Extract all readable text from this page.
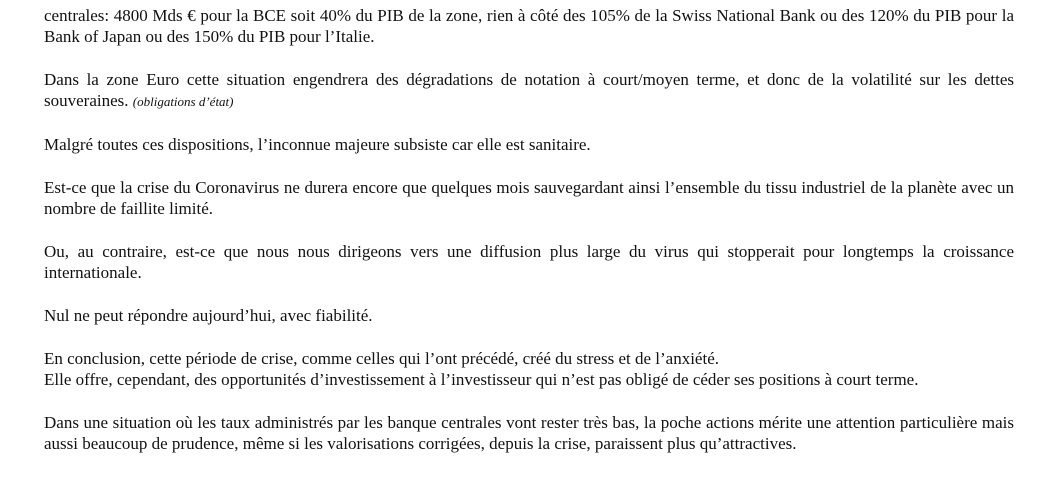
centrales: 4800 Mds € pour la BCE soit 40% du PIB de la zone, rien à côté des 105% de la Swiss National Bank ou des 120% du PIB pour la Bank of Japan ou des 150% du PIB pour l’Italie.

Dans la zone Euro cette situation engendrera des dégradations de notation à court/moyen terme, et donc de la volatilité sur les dettes souveraines. (obligations d’état)

Malgré toutes ces dispositions, l’inconnue majeure subsiste car elle est sanitaire.

Est-ce que la crise du Coronavirus ne durera encore que quelques mois sauvegardant ainsi l’ensemble du tissu industriel de la planète avec un nombre de faillite limité.

Ou, au contraire, est-ce que nous nous dirigeons vers une diffusion plus large du virus qui stopperait pour longtemps la croissance internationale.

Nul ne peut répondre aujourd’hui, avec fiabilité.

En conclusion, cette période de crise, comme celles qui l’ont précédé, créé du stress et de l’anxiété.
Elle offre, cependant, des opportunités d’investissement à l’investisseur qui n’est pas obligé de céder ses positions à court terme.

Dans une situation où les taux administrés par les banque centrales vont rester très bas, la poche actions mérite une attention particulière mais aussi beaucoup de prudence, même si les valorisations corrigées, depuis la crise, paraissent plus qu’attractives.
